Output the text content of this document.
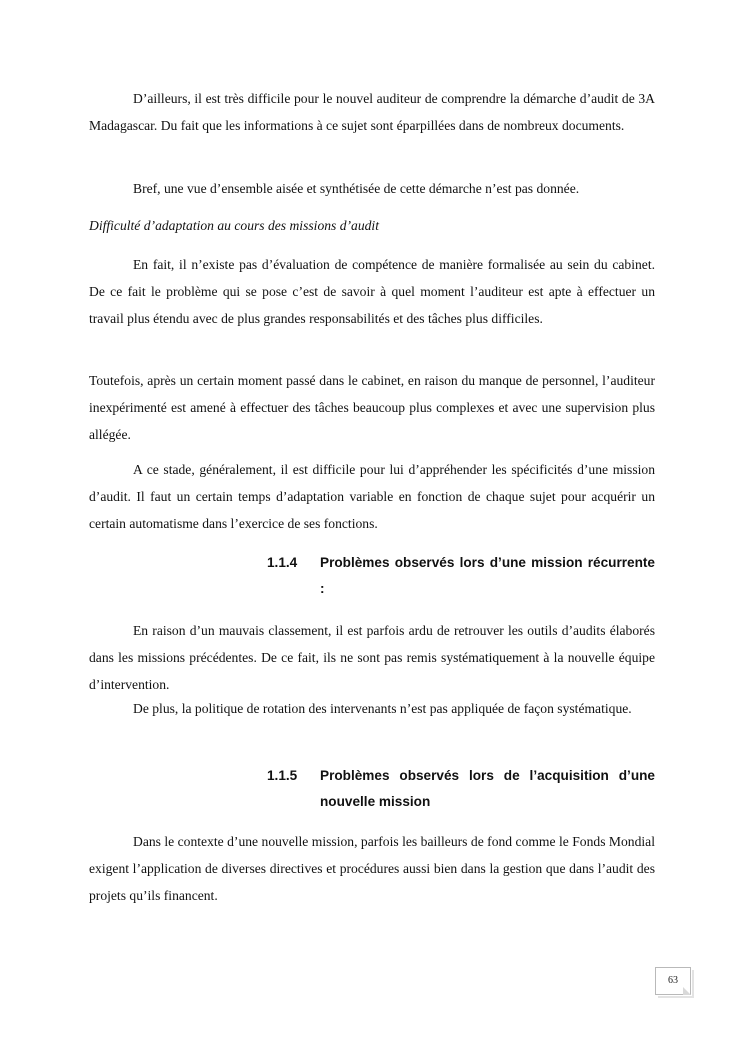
D’ailleurs, il est très difficile pour le nouvel auditeur de comprendre la démarche d’audit de 3A Madagascar. Du fait que les informations à ce sujet sont éparpillées dans de nombreux documents.
Bref, une vue d’ensemble aisée et synthétisée de cette démarche n’est pas donnée.
Difficulté d’adaptation au cours des missions d’audit
En fait, il n’existe pas d’évaluation de compétence de manière formalisée au sein du cabinet. De ce fait le problème qui se pose c’est de savoir à quel moment l’auditeur est apte à effectuer un travail plus étendu avec de plus grandes responsabilités et des tâches plus difficiles.
Toutefois, après un certain moment passé dans le cabinet, en raison du manque de personnel, l’auditeur inexpérimenté est amené à effectuer des tâches beaucoup plus complexes et avec une supervision plus allégée.
A ce stade, généralement, il est difficile pour lui d’appréhender les spécificités d’une mission d’audit. Il faut un certain temps d’adaptation variable en fonction de chaque sujet pour acquérir un certain automatisme dans l’exercice de ses fonctions.
1.1.4	Problèmes observés lors d’une mission récurrente :
En raison d’un mauvais classement, il est parfois ardu de retrouver les outils d’audits élaborés dans les missions précédentes. De ce fait, ils ne sont pas remis systématiquement à la nouvelle équipe d’intervention.
De plus, la politique de rotation des intervenants n’est pas appliquée de façon systématique.
1.1.5	Problèmes observés lors de l’acquisition d’une nouvelle mission
Dans le contexte d’une nouvelle mission, parfois les bailleurs de fond comme le Fonds Mondial exigent l’application de diverses directives et procédures aussi bien dans la gestion que dans l’audit des projets qu’ils financent.
63
